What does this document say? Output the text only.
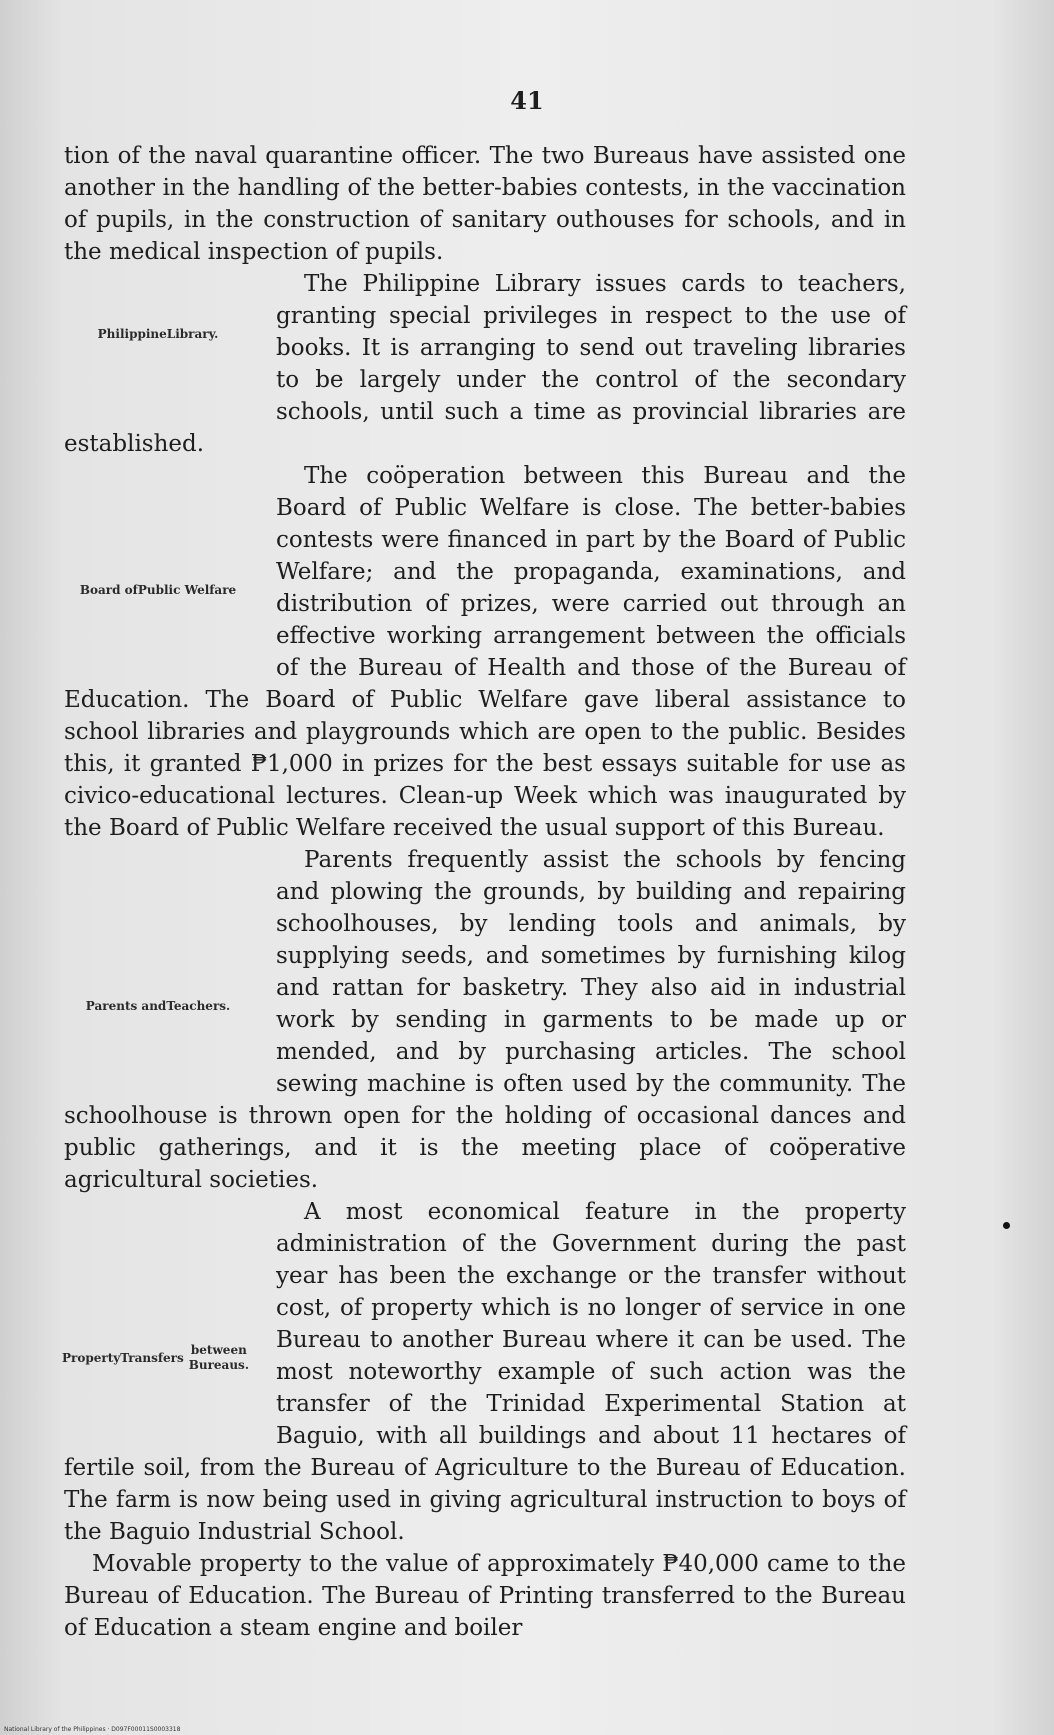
41

tion of the naval quarantine officer. The two Bureaus have assisted one another in the handling of the better-babies contests, in the vaccination of pupils, in the construction of sanitary outhouses for schools, and in the medical inspection of pupils.

Philippine Library.
The Philippine Library issues cards to teachers, granting special privileges in respect to the use of books. It is arranging to send out traveling libraries to be largely under the control of the secondary schools, until such a time as provincial libraries are established.

Board of Public Welfare
The coöperation between this Bureau and the Board of Public Welfare is close. The better-babies contests were financed in part by the Board of Public Welfare; and the propaganda, examinations, and distribution of prizes, were carried out through an effective working arrangement between the officials of the Bureau of Health and those of the Bureau of Education. The Board of Public Welfare gave liberal assistance to school libraries and playgrounds which are open to the public. Besides this, it granted ₱1,000 in prizes for the best essays suitable for use as civico-educational lectures. Clean-up Week which was inaugurated by the Board of Public Welfare received the usual support of this Bureau.

Parents and Teachers.
Parents frequently assist the schools by fencing and plowing the grounds, by building and repairing schoolhouses, by lending tools and animals, by supplying seeds, and sometimes by furnishing kilog and rattan for basketry. They also aid in industrial work by sending in garments to be made up or mended, and by purchasing articles. The school sewing machine is often used by the community. The schoolhouse is thrown open for the holding of occasional dances and public gatherings, and it is the meeting place of coöperative agricultural societies.

Property Transfers
between Bureaus.
A most economical feature in the property administration of the Government during the past year has been the exchange or the transfer without cost, of property which is no longer of service in one Bureau to another Bureau where it can be used. The most noteworthy example of such action was the transfer of the Trinidad Experimental Station at Baguio, with all buildings and about 11 hectares of fertile soil, from the Bureau of Agriculture to the Bureau of Education. The farm is now being used in giving agricultural instruction to boys of the Baguio Industrial School.

Movable property to the value of approximately ₱40,000 came to the Bureau of Education. The Bureau of Printing transferred to the Bureau of Education a steam engine and boiler

National Library of the Philippines · D097F00011S0003318
